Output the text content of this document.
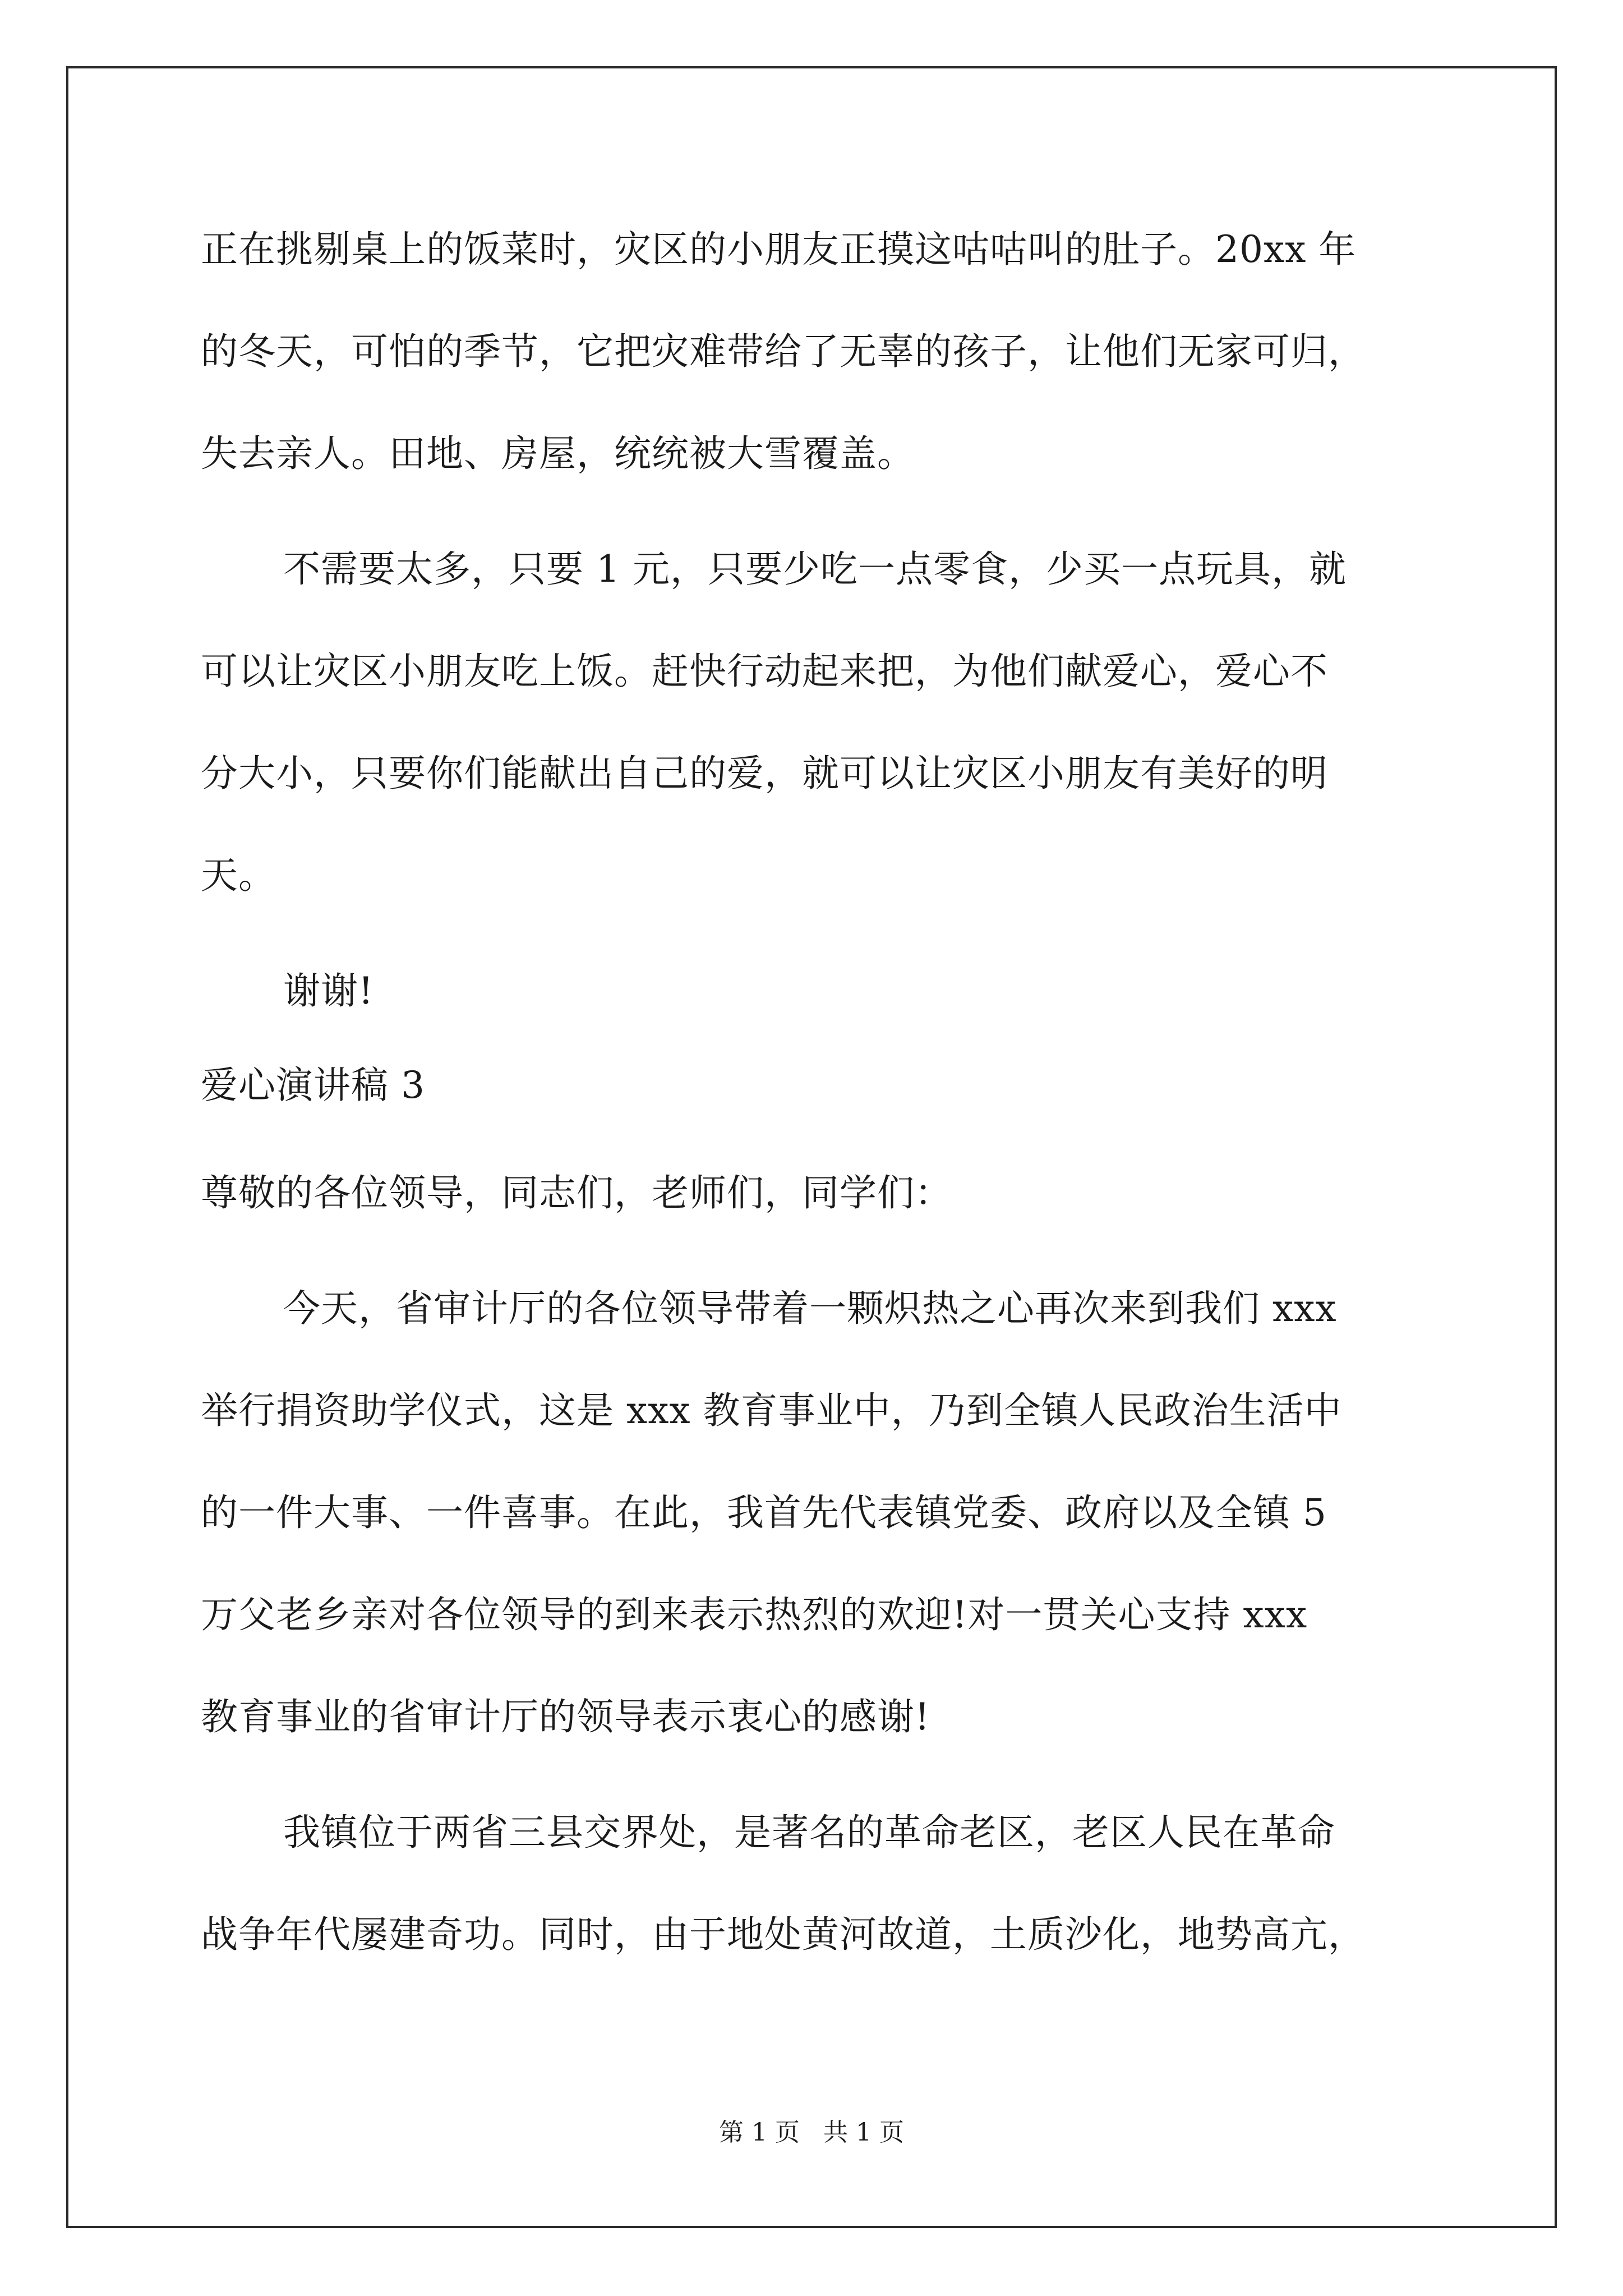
正在挑剔桌上的饭菜时，灾区的小朋友正摸这咕咕叫的肚子。20xx 年
的冬天，可怕的季节，它把灾难带给了无辜的孩子，让他们无家可归，
失去亲人。田地、房屋，统统被大雪覆盖。
不需要太多，只要 1 元，只要少吃一点零食，少买一点玩具，就
可以让灾区小朋友吃上饭。赶快行动起来把，为他们献爱心，爱心不
分大小，只要你们能献出自己的爱，就可以让灾区小朋友有美好的明
天。
谢谢!
爱心演讲稿 3
尊敬的各位领导，同志们，老师们，同学们：
今天，省审计厅的各位领导带着一颗炽热之心再次来到我们 xxx
举行捐资助学仪式，这是 xxx 教育事业中，乃到全镇人民政治生活中
的一件大事、一件喜事。在此，我首先代表镇党委、政府以及全镇 5
万父老乡亲对各位领导的到来表示热烈的欢迎!对一贯关心支持 xxx
教育事业的省审计厅的领导表示衷心的感谢!
我镇位于两省三县交界处，是著名的革命老区，老区人民在革命
战争年代屡建奇功。同时，由于地处黄河故道，土质沙化，地势高亢，
第 1 页   共 1 页
